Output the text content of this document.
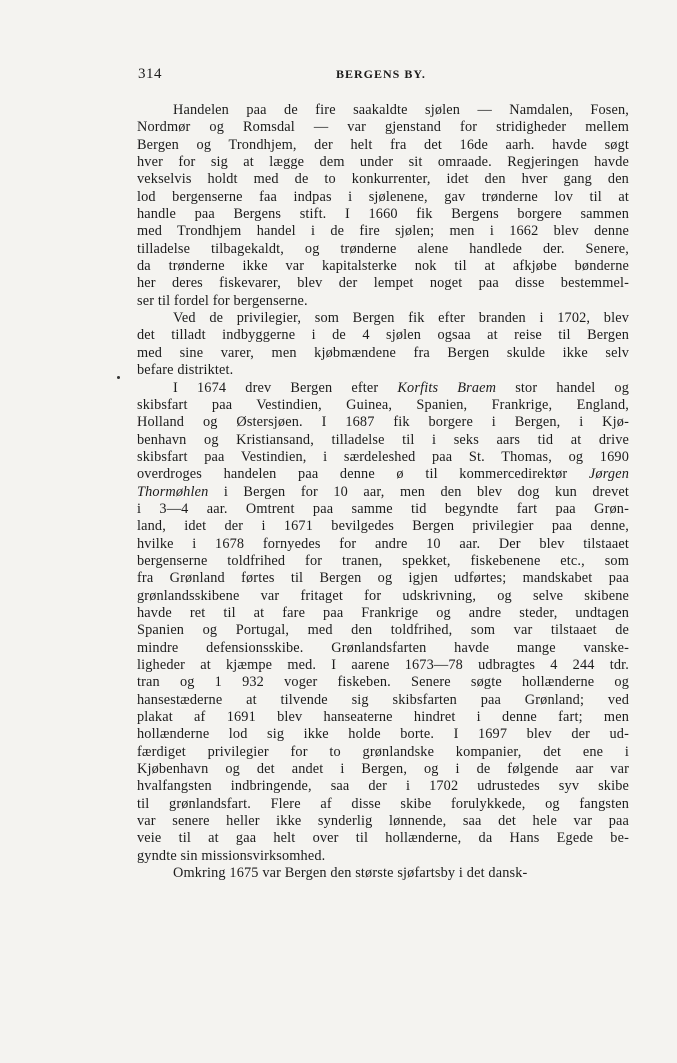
314	BERGENS BY.
Handelen paa de fire saakaldte sjølen — Namdalen, Fosen,
Nordmør og Romsdal — var gjenstand for stridigheder mellem
Bergen og Trondhjem, der helt fra det 16de aarh. havde søgt
hver for sig at lægge dem under sit omraade. Regjeringen havde
vekselvis holdt med de to konkurrenter, idet den hver gang den
lod bergenserne faa indpas i sjølenene, gav trønderne lov til at
handle paa Bergens stift. I 1660 fik Bergens borgere sammen
med Trondhjem handel i de fire sjølen; men i 1662 blev denne
tilladelse tilbagekaldt, og trønderne alene handlede der. Senere,
da trønderne ikke var kapitalsterke nok til at afkjøbe bønderne
her deres fiskevarer, blev der lempet noget paa disse bestemmel-
ser til fordel for bergenserne.
Ved de privilegier, som Bergen fik efter branden i 1702, blev
det tilladt indbyggerne i de 4 sjølen ogsaa at reise til Bergen
med sine varer, men kjøbmændene fra Bergen skulde ikke selv
befare distriktet.
I 1674 drev Bergen efter Korfits Braem stor handel og
skibsfart paa Vestindien, Guinea, Spanien, Frankrige, England,
Holland og Østersjøen. I 1687 fik borgere i Bergen, i Kjø-
benhavn og Kristiansand, tilladelse til i seks aars tid at drive
skibsfart paa Vestindien, i særdeleshed paa St. Thomas, og 1690
overdroges handelen paa denne ø til kommercedirektør Jørgen
Thormøhlen i Bergen for 10 aar, men den blev dog kun drevet
i 3—4 aar. Omtrent paa samme tid begyndte fart paa Grøn-
land, idet der i 1671 bevilgedes Bergen privilegier paa denne,
hvilke i 1678 fornyedes for andre 10 aar. Der blev tilstaaet
bergenserne toldfrihed for tranen, spekket, fiskebenene etc., som
fra Grønland førtes til Bergen og igjen udførtes; mandskabet paa
grønlandsskibene var fritaget for udskrivning, og selve skibene
havde ret til at fare paa Frankrige og andre steder, undtagen
Spanien og Portugal, med den toldfrihed, som var tilstaaet de
mindre defensionsskibe. Grønlandsfarten havde mange vanske-
ligheder at kjæmpe med. I aarene 1673—78 udbragtes 4 244 tdr.
tran og 1 932 voger fiskeben. Senere søgte hollænderne og
hansestæderne at tilvende sig skibsfarten paa Grønland; ved
plakat af 1691 blev hanseaterne hindret i denne fart; men
hollænderne lod sig ikke holde borte. I 1697 blev der ud-
færdiget privilegier for to grønlandske kompanier, det ene i
Kjøbenhavn og det andet i Bergen, og i de følgende aar var
hvalfangsten indbringende, saa der i 1702 udrustedes syv skibe
til grønlandsfart. Flere af disse skibe forulykkede, og fangsten
var senere heller ikke synderlig lønnende, saa det hele var paa
veie til at gaa helt over til hollænderne, da Hans Egede be-
gyndte sin missionsvirksomhed.
Omkring 1675 var Bergen den største sjøfartsby i det dansk-
